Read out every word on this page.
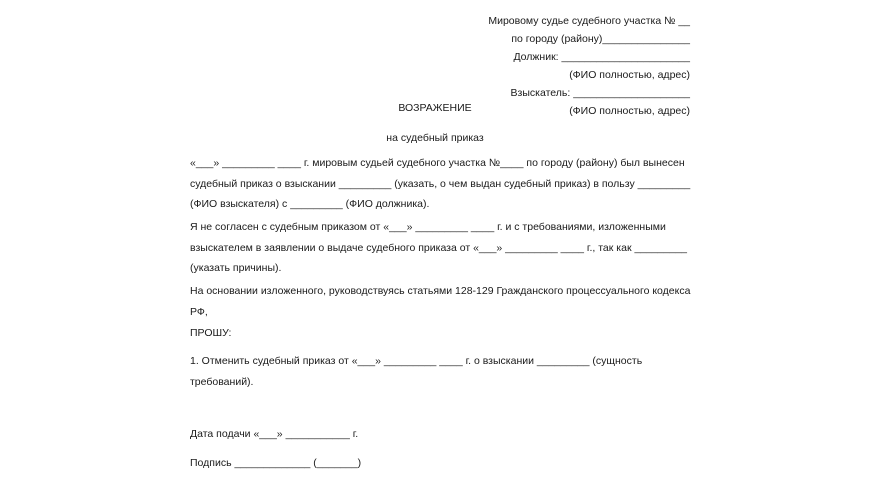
Мировому судье судебного участка № __
по городу (району)_______________
Должник: ______________________
(ФИО полностью, адрес)
Взыскатель: ____________________
(ФИО полностью, адрес)
ВОЗРАЖЕНИЕ
на судебный приказ

«___» _________ ____ г. мировым судьей судебного участка №____ по городу (району) был вынесен судебный приказ о взыскании _________ (указать, о чем выдан судебный приказ) в пользу _________ (ФИО взыскателя) с _________ (ФИО должника).

Я не согласен с судебным приказом от «___» _________ ____ г. и с требованиями, изложенными взыскателем в заявлении о выдаче судебного приказа от «___» _________ ____ г., так как _________ (указать причины).

На основании изложенного, руководствуясь статьями 128-129 Гражданского процессуального кодекса РФ,

ПРОШУ:

1. Отменить судебный приказ от «___» _________ ____ г. о взыскании _________ (сущность требований).

Дата подачи «___» ___________ г.

Подпись _____________ (_______)
